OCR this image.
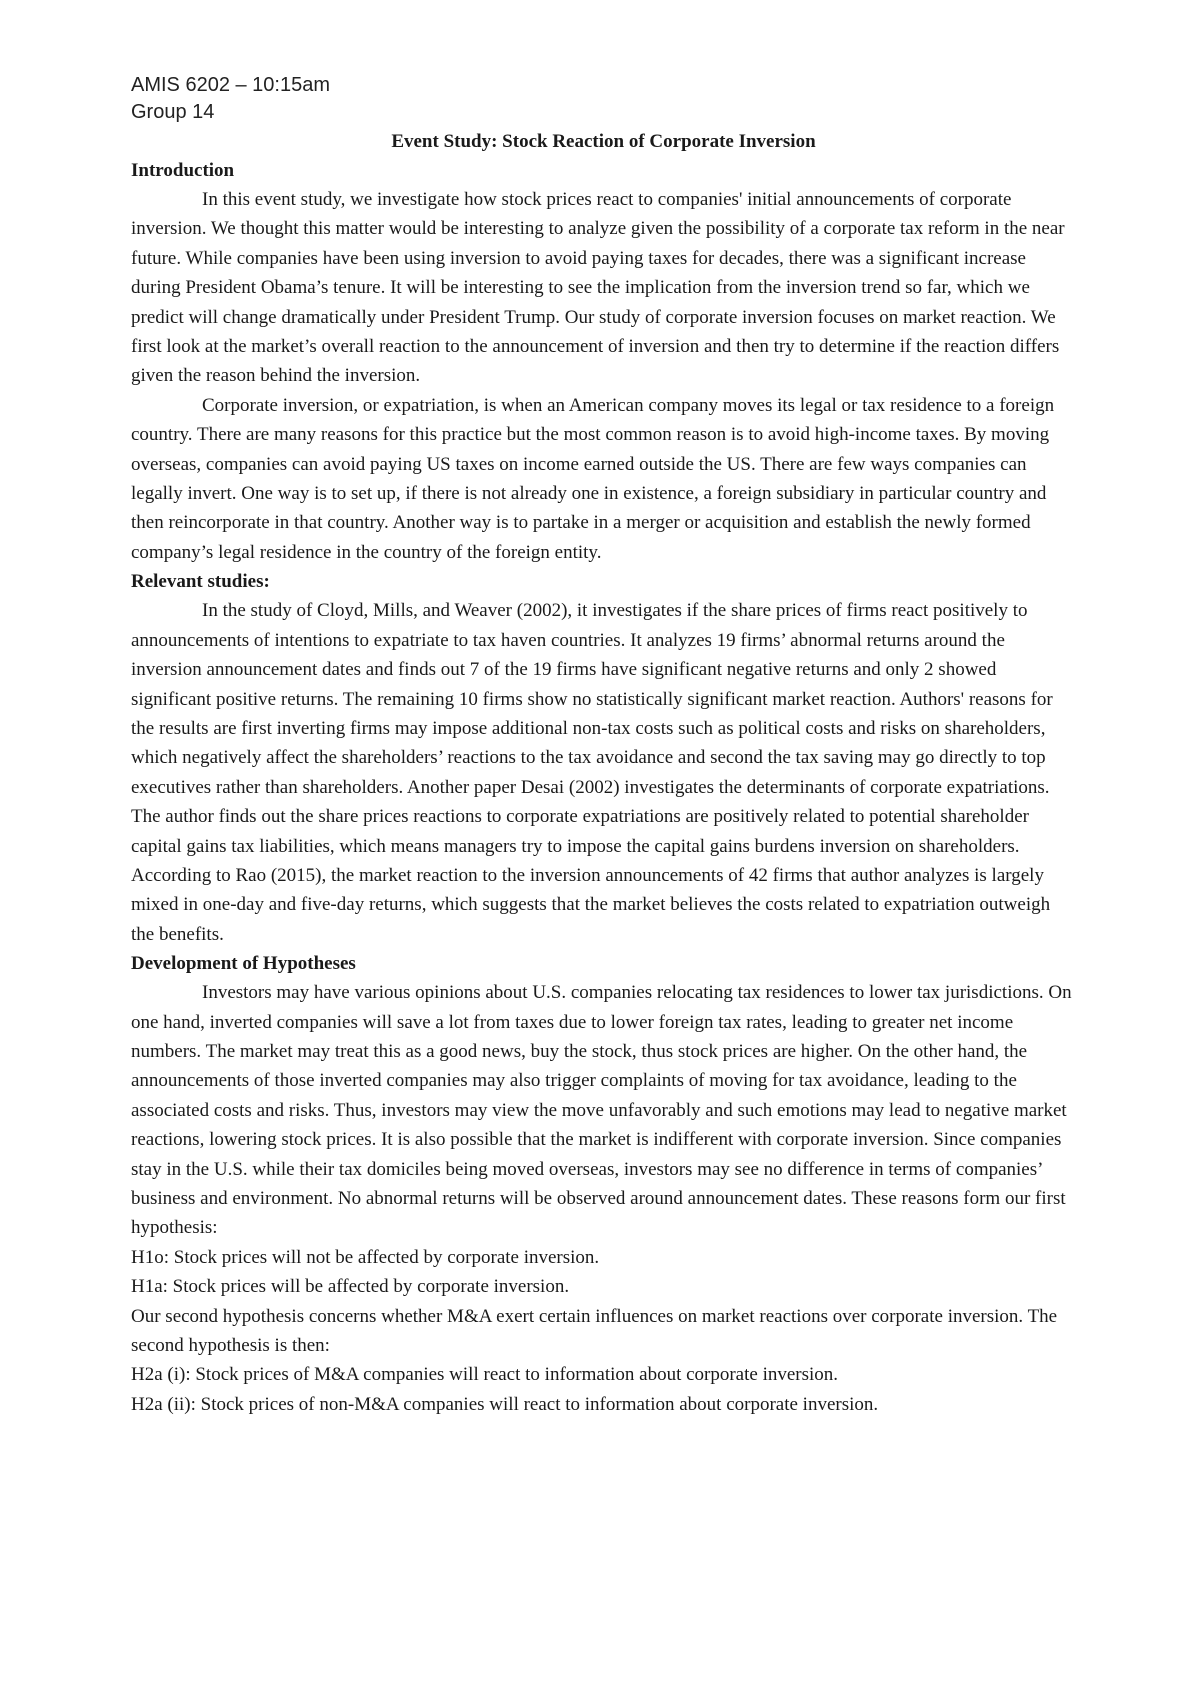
AMIS 6202 – 10:15am
Group 14
Event Study: Stock Reaction of Corporate Inversion
Introduction

In this event study, we investigate how stock prices react to companies' initial announcements of corporate inversion. We thought this matter would be interesting to analyze given the possibility of a corporate tax reform in the near future. While companies have been using inversion to avoid paying taxes for decades, there was a significant increase during President Obama’s tenure. It will be interesting to see the implication from the inversion trend so far, which we predict will change dramatically under President Trump. Our study of corporate inversion focuses on market reaction. We first look at the market’s overall reaction to the announcement of inversion and then try to determine if the reaction differs given the reason behind the inversion.

Corporate inversion, or expatriation, is when an American company moves its legal or tax residence to a foreign country. There are many reasons for this practice but the most common reason is to avoid high-income taxes. By moving overseas, companies can avoid paying US taxes on income earned outside the US. There are few ways companies can legally invert. One way is to set up, if there is not already one in existence, a foreign subsidiary in particular country and then reincorporate in that country. Another way is to partake in a merger or acquisition and establish the newly formed company’s legal residence in the country of the foreign entity.

Relevant studies:

In the study of Cloyd, Mills, and Weaver (2002), it investigates if the share prices of firms react positively to announcements of intentions to expatriate to tax haven countries. It analyzes 19 firms’ abnormal returns around the inversion announcement dates and finds out 7 of the 19 firms have significant negative returns and only 2 showed significant positive returns. The remaining 10 firms show no statistically significant market reaction. Authors' reasons for the results are first inverting firms may impose additional non-tax costs such as political costs and risks on shareholders, which negatively affect the shareholders’ reactions to the tax avoidance and second the tax saving may go directly to top executives rather than shareholders. Another paper Desai (2002) investigates the determinants of corporate expatriations. The author finds out the share prices reactions to corporate expatriations are positively related to potential shareholder capital gains tax liabilities, which means managers try to impose the capital gains burdens inversion on shareholders. According to Rao (2015), the market reaction to the inversion announcements of 42 firms that author analyzes is largely mixed in one-day and five-day returns, which suggests that the market believes the costs related to expatriation outweigh the benefits.

Development of Hypotheses

Investors may have various opinions about U.S. companies relocating tax residences to lower tax jurisdictions. On one hand, inverted companies will save a lot from taxes due to lower foreign tax rates, leading to greater net income numbers. The market may treat this as a good news, buy the stock, thus stock prices are higher. On the other hand, the announcements of those inverted companies may also trigger complaints of moving for tax avoidance, leading to the associated costs and risks. Thus, investors may view the move unfavorably and such emotions may lead to negative market reactions, lowering stock prices. It is also possible that the market is indifferent with corporate inversion. Since companies stay in the U.S. while their tax domiciles being moved overseas, investors may see no difference in terms of companies’ business and environment. No abnormal returns will be observed around announcement dates. These reasons form our first hypothesis:

H1o: Stock prices will not be affected by corporate inversion.

H1a: Stock prices will be affected by corporate inversion.

Our second hypothesis concerns whether M&A exert certain influences on market reactions over corporate inversion. The second hypothesis is then:

H2a (i): Stock prices of M&A companies will react to information about corporate inversion.

H2a (ii): Stock prices of non-M&A companies will react to information about corporate inversion.
